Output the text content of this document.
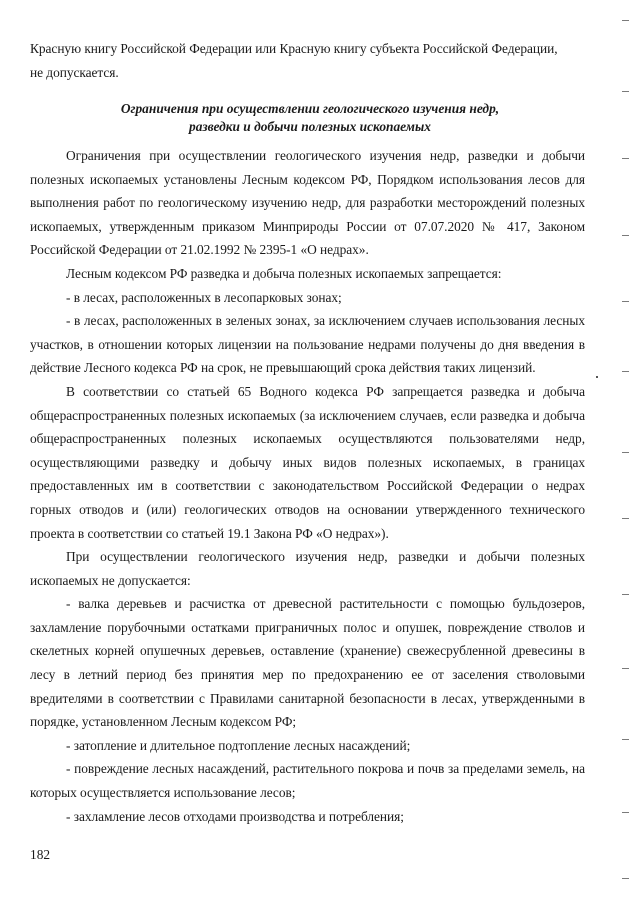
Красную книгу Российской Федерации или Красную книгу субъекта Российской Федерации,

не допускается.

Ограничения при осуществлении геологического изучения недр,
разведки и добычи полезных ископаемых

Ограничения при осуществлении геологического изучения недр, разведки и добычи полезных ископаемых установлены Лесным кодексом РФ, Порядком использования лесов для выполнения работ по геологическому изучению недр, для разработки месторождений полезных ископаемых, утвержденным приказом Минприроды России от 07.07.2020 № 417, Законом Российской Федерации от 21.02.1992 № 2395-1 «О недрах».

Лесным кодексом РФ разведка и добыча полезных ископаемых запрещается:

- в лесах, расположенных в лесопарковых зонах;

- в лесах, расположенных в зеленых зонах, за исключением случаев использования лесных участков, в отношении которых лицензии на пользование недрами получены до дня введения в действие Лесного кодекса РФ на срок, не превышающий срока действия таких лицензий.

В соответствии со статьей 65 Водного кодекса РФ запрещается разведка и добыча общераспространенных полезных ископаемых (за исключением случаев, если разведка и добыча общераспространенных полезных ископаемых осуществляются пользователями недр, осуществляющими разведку и добычу иных видов полезных ископаемых, в границах предоставленных им в соответствии с законодательством Российской Федерации о недрах горных отводов и (или) геологических отводов на основании утвержденного технического проекта в соответствии со статьей 19.1 Закона РФ «О недрах»).

При осуществлении геологического изучения недр, разведки и добычи полезных ископаемых не допускается:

- валка деревьев и расчистка от древесной растительности с помощью бульдозеров, захламление порубочными остатками приграничных полос и опушек, повреждение стволов и скелетных корней опушечных деревьев, оставление (хранение) свежесрубленной древесины в лесу в летний период без принятия мер по предохранению ее от заселения стволовыми вредителями в соответствии с Правилами санитарной безопасности в лесах, утвержденными в порядке, установленном Лесным кодексом РФ;

- затопление и длительное подтопление лесных насаждений;

- повреждение лесных насаждений, растительного покрова и почв за пределами земель, на которых осуществляется использование лесов;

- захламление лесов отходами производства и потребления;

182
